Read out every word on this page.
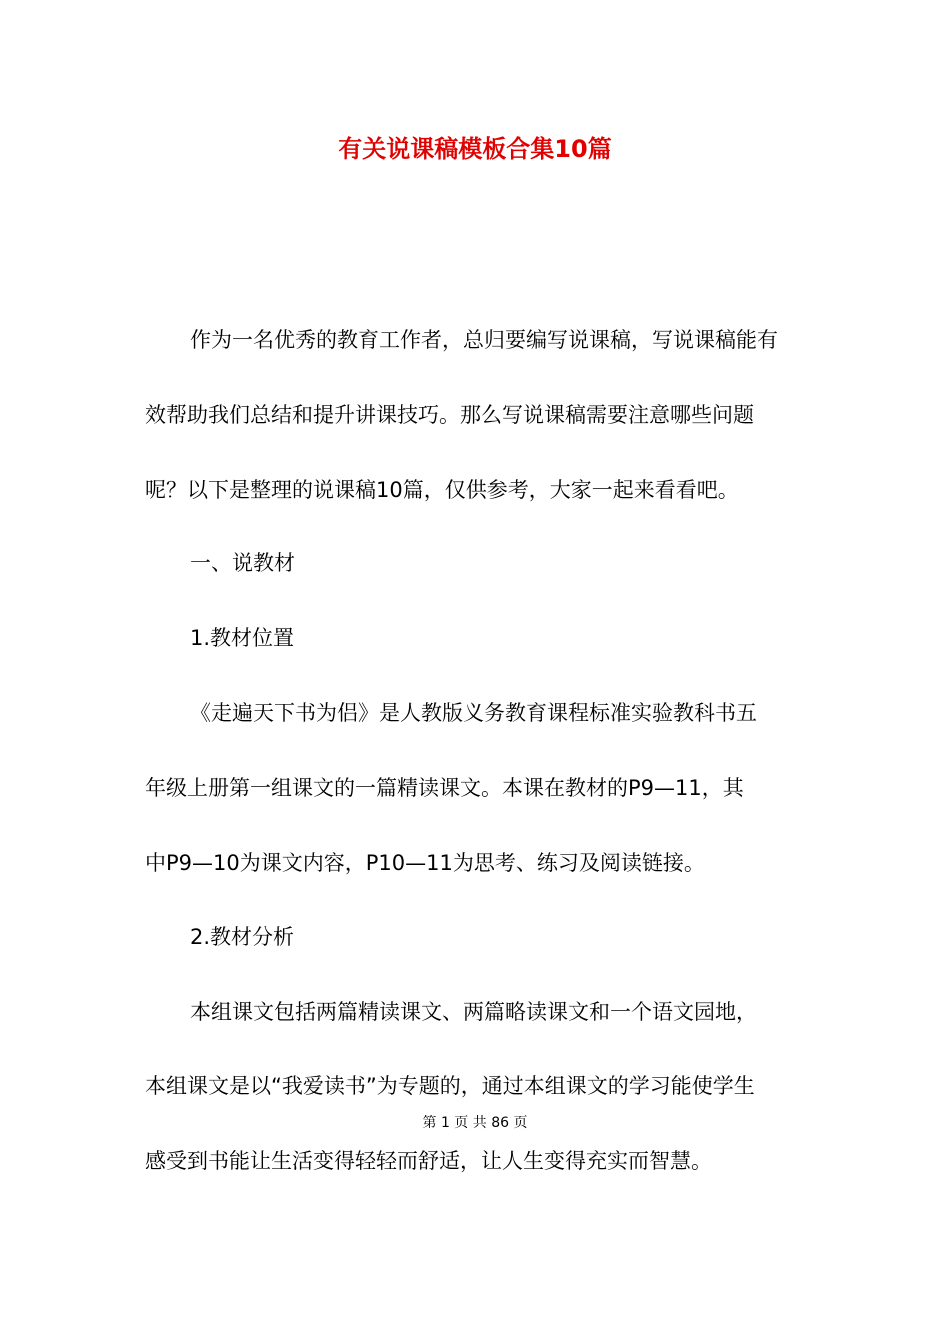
有关说课稿模板合集10篇
作为一名优秀的教育工作者，总归要编写说课稿，写说课稿能有
效帮助我们总结和提升讲课技巧。那么写说课稿需要注意哪些问题
呢？以下是整理的说课稿10篇，仅供参考，大家一起来看看吧。
一、说教材
1.教材位置
《走遍天下书为侣》是人教版义务教育课程标准实验教科书五
年级上册第一组课文的一篇精读课文。本课在教材的P9—11，其
中P9—10为课文内容，P10—11为思考、练习及阅读链接。
2.教材分析
本组课文包括两篇精读课文、两篇略读课文和一个语文园地，
本组课文是以“我爱读书”为专题的，通过本组课文的学习能使学生
第 1 页 共 86 页
感受到书能让生活变得轻轻而舒适，让人生变得充实而智慧。
